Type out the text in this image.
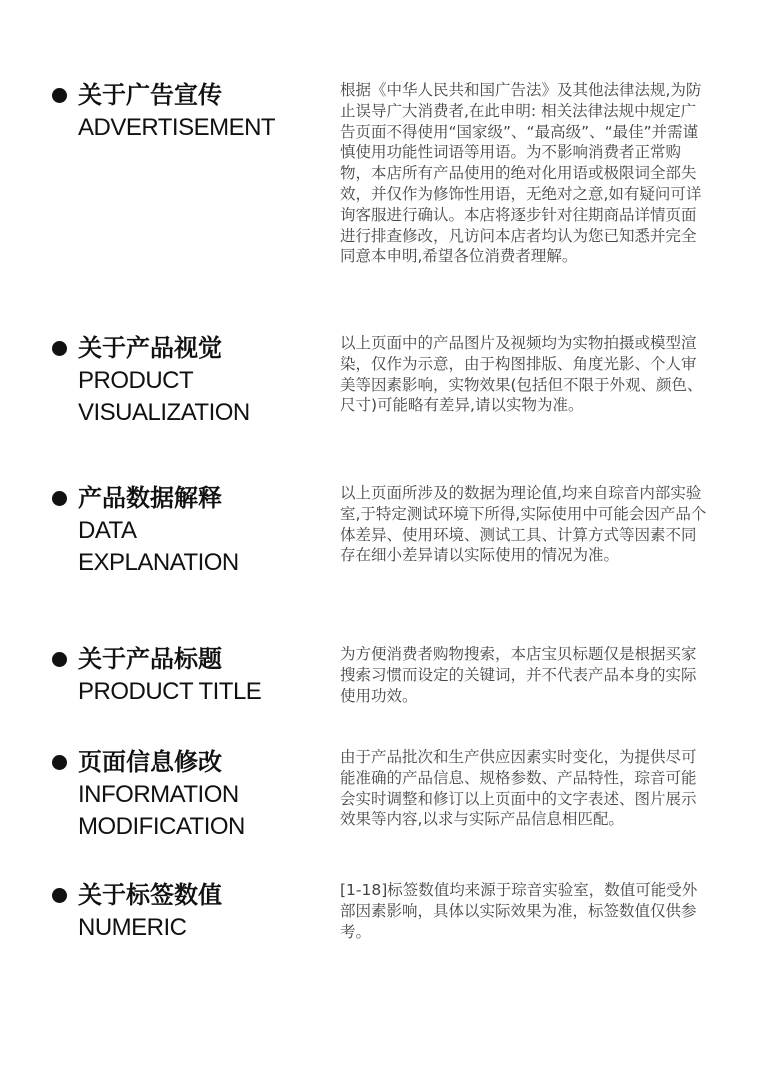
关于广告宣传
ADVERTISEMENT

根据《中华人民共和国广告法》及其他法律法规,为防止误导广大消费者,在此申明: 相关法律法规中规定广告页面不得使用“国家级”、“最高级”、“最佳”并需谨慎使用功能性词语等用语。为不影响消费者正常购物，本店所有产品使用的绝对化用语或极限词全部失效，并仅作为修饰性用语，无绝对之意,如有疑问可详询客服进行确认。本店将逐步针对往期商品详情页面进行排查修改，凡访问本店者均认为您已知悉并完全同意本申明,希望各位消费者理解。

关于产品视觉
PRODUCT
VISUALIZATION

以上页面中的产品图片及视频均为实物拍摄或模型渲染，仅作为示意，由于构图排版、角度光影、个人审美等因素影响，实物效果(包括但不限于外观、颜色、尺寸)可能略有差异,请以实物为准。

产品数据解释
DATA
EXPLANATION

以上页面所涉及的数据为理论值,均来自琮音内部实验室,于特定测试环境下所得,实际使用中可能会因产品个体差异、使用环境、测试工具、计算方式等因素不同存在细小差异请以实际使用的情况为准。

关于产品标题
PRODUCT TITLE

为方便消费者购物搜索，本店宝贝标题仅是根据买家搜索习惯而设定的关键词，并不代表产品本身的实际使用功效。

页面信息修改
INFORMATION
MODIFICATION

由于产品批次和生产供应因素实时变化，为提供尽可能准确的产品信息、规格参数、产品特性，琮音可能会实时调整和修订以上页面中的文字表述、图片展示效果等内容,以求与实际产品信息相匹配。

关于标签数值
NUMERIC

[1-18]标签数值均来源于琮音实验室，数值可能受外部因素影响，具体以实际效果为准，标签数值仅供参考。
